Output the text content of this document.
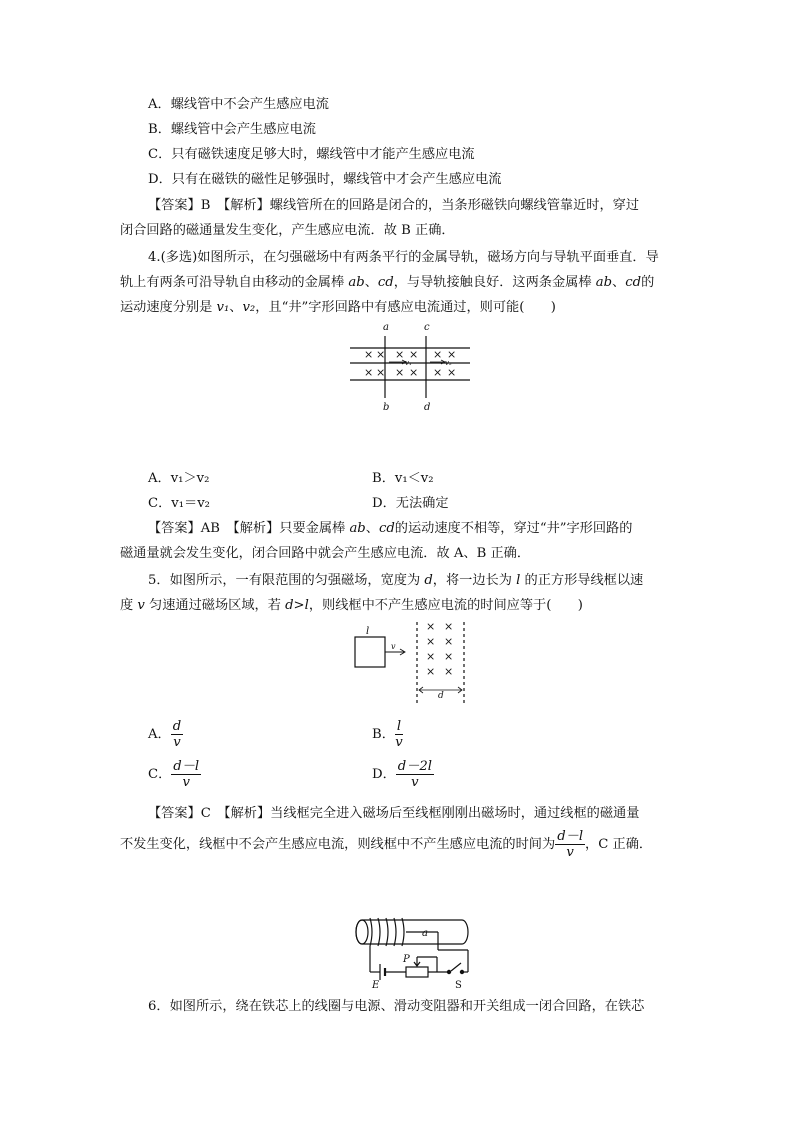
A．螺线管中不会产生感应电流
B．螺线管中会产生感应电流
C．只有磁铁速度足够大时，螺线管中才能产生感应电流
D．只有在磁铁的磁性足够强时，螺线管中才会产生感应电流
【答案】B　【解析】螺线管所在的回路是闭合的，当条形磁铁向螺线管靠近时，穿过
闭合回路的磁通量发生变化，产生感应电流．故 B 正确．
4.(多选)如图所示，在匀强磁场中有两条平行的金属导轨，磁场方向与导轨平面垂直．导
轨上有两条可沿导轨自由移动的金属棒 ab、cd，与导轨接触良好．这两条金属棒 ab、cd的
运动速度分别是 v₁、v₂，且“井”字形回路中有感应电流通过，则可能(　　)
a	c
b	d
v₁	v₂
× × × × × ×
× × × × × ×
A．v₁＞v₂	B．v₁＜v₂
C．v₁＝v₂	D．无法确定
【答案】AB　【解析】只要金属棒 ab、cd的运动速度不相等，穿过“井”字形回路的
磁通量就会发生变化，闭合回路中就会产生感应电流．故 A、B 正确．
5．如图所示，一有限范围的匀强磁场，宽度为 d，将一边长为 l 的正方形导线框以速
度 v 匀速通过磁场区域，若 d>l，则线框中不产生感应电流的时间应等于(　　)
l
v
d
× ×
× ×
× ×
× ×
A． $\frac{d}{v}$	B． $\frac{l}{v}$
C． $\frac{d-l}{v}$	D． $\frac{d-2l}{v}$
【答案】C　【解析】当线框完全进入磁场后至线框刚刚出磁场时，通过线框的磁通量
不发生变化，线框中不会产生感应电流，则线框中不产生感应电流的时间为 $\frac{d-l}{v}$ ，C 正确．
a
P
E	S
6．如图所示，绕在铁芯上的线圈与电源、滑动变阻器和开关组成一闭合回路，在铁芯
